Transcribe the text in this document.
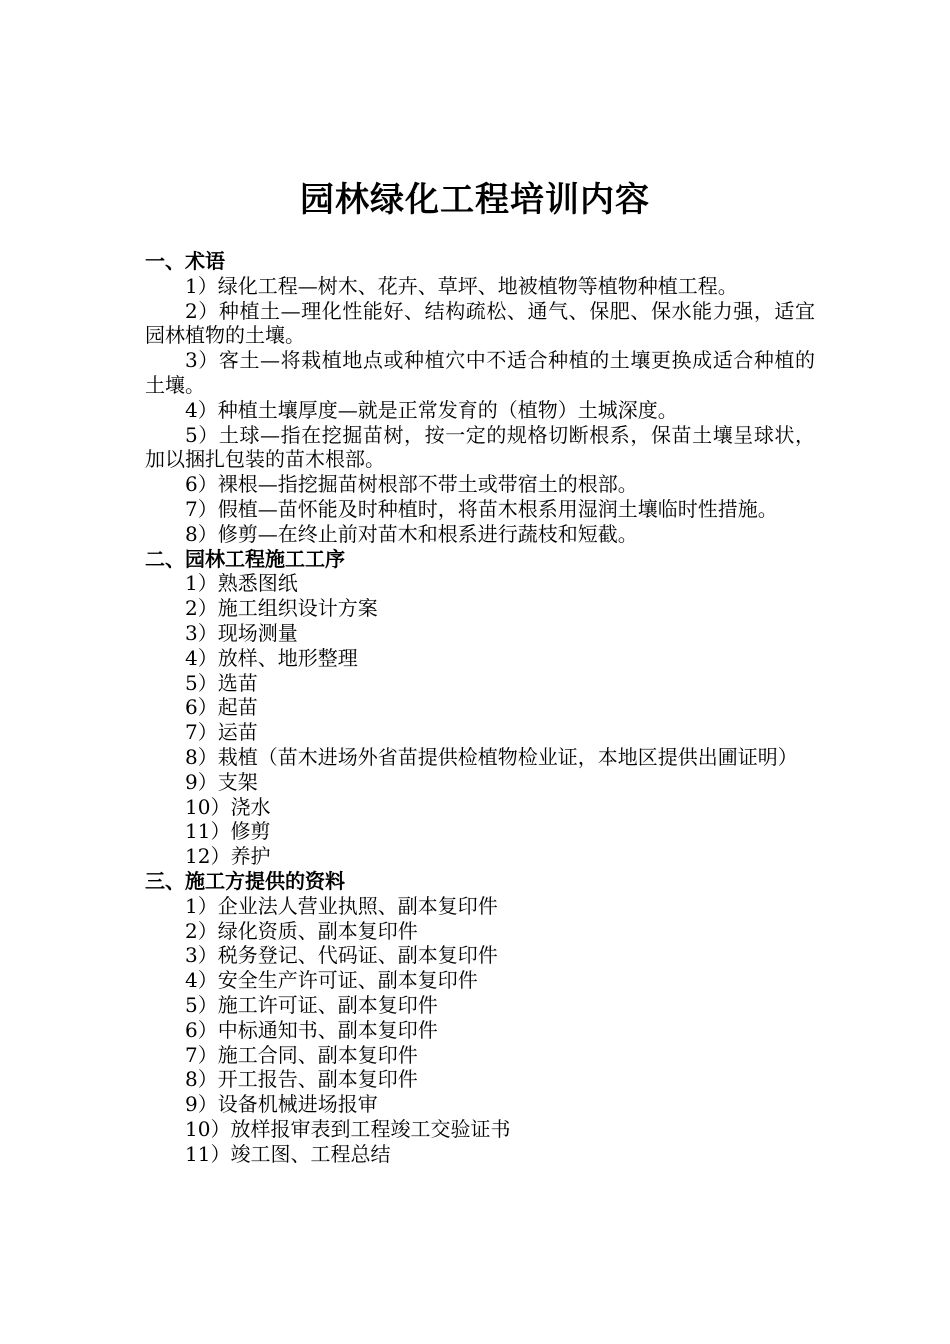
园林绿化工程培训内容
一、术语
1）绿化工程—树木、花卉、草坪、地被植物等植物种植工程。
2）种植土—理化性能好、结构疏松、通气、保肥、保水能力强，适宜园林植物的土壤。
3）客土—将栽植地点或种植穴中不适合种植的土壤更换成适合种植的土壤。
4）种植土壤厚度—就是正常发育的（植物）土城深度。
5）土球—指在挖掘苗树，按一定的规格切断根系，保苗土壤呈球状，加以捆扎包装的苗木根部。
6）裸根—指挖掘苗树根部不带土或带宿土的根部。
7）假植—苗怀能及时种植时，将苗木根系用湿润土壤临时性措施。
8）修剪—在终止前对苗木和根系进行蔬枝和短截。
二、园林工程施工工序
1）熟悉图纸
2）施工组织设计方案
3）现场测量
4）放样、地形整理
5）选苗
6）起苗
7）运苗
8）栽植（苗木进场外省苗提供检植物检业证，本地区提供出圃证明）
9）支架
10）浇水
11）修剪
12）养护
三、施工方提供的资料
1）企业法人营业执照、副本复印件
2）绿化资质、副本复印件
3）税务登记、代码证、副本复印件
4）安全生产许可证、副本复印件
5）施工许可证、副本复印件
6）中标通知书、副本复印件
7）施工合同、副本复印件
8）开工报告、副本复印件
9）设备机械进场报审
10）放样报审表到工程竣工交验证书
11）竣工图、工程总结
